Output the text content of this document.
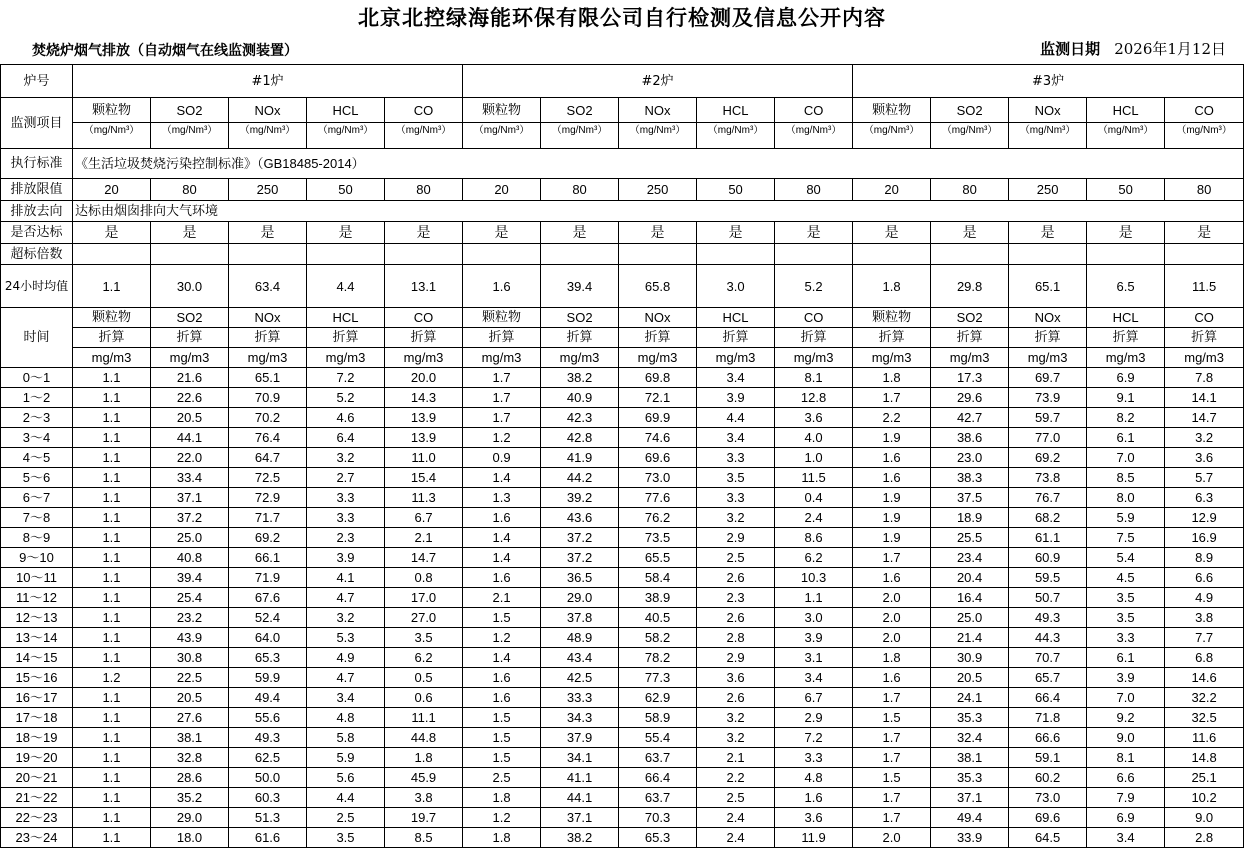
北京北控绿海能环保有限公司自行检测及信息公开内容
焚烧炉烟气排放（自动烟气在线监测装置）	监测日期 2026年1月12日
炉号	#1炉					#2炉					#3炉				
监测项目	颗粒物	SO2	NOx	HCL	CO	颗粒物	SO2	NOx	HCL	CO	颗粒物	SO2	NOx	HCL	CO
	（mg/Nm³）	（mg/Nm³）	（mg/Nm³）	（mg/Nm³）	（mg/Nm³）	（mg/Nm³）	（mg/Nm³）	（mg/Nm³）	（mg/Nm³）	（mg/Nm³）	（mg/Nm³）	（mg/Nm³）	（mg/Nm³）	（mg/Nm³）	（mg/Nm³）
执行标准	《生活垃圾焚烧污染控制标准》（GB18485-2014）														
排放限值	20	80	250	50	80	20	80	250	50	80	20	80	250	50	80
排放去向	达标由烟囱排向大气环境														
是否达标	是	是	是	是	是	是	是	是	是	是	是	是	是	是	是
超标倍数															
24小时均值	1.1	30.0	63.4	4.4	13.1	1.6	39.4	65.8	3.0	5.2	1.8	29.8	65.1	6.5	11.5
时间	颗粒物	SO2	NOx	HCL	CO	颗粒物	SO2	NOx	HCL	CO	颗粒物	SO2	NOx	HCL	CO
	折算	折算	折算	折算	折算	折算	折算	折算	折算	折算	折算	折算	折算	折算	折算
	mg/m3	mg/m3	mg/m3	mg/m3	mg/m3	mg/m3	mg/m3	mg/m3	mg/m3	mg/m3	mg/m3	mg/m3	mg/m3	mg/m3	mg/m3
0～1	1.1	21.6	65.1	7.2	20.0	1.7	38.2	69.8	3.4	8.1	1.8	17.3	69.7	6.9	7.8
1～2	1.1	22.6	70.9	5.2	14.3	1.7	40.9	72.1	3.9	12.8	1.7	29.6	73.9	9.1	14.1
2～3	1.1	20.5	70.2	4.6	13.9	1.7	42.3	69.9	4.4	3.6	2.2	42.7	59.7	8.2	14.7
3～4	1.1	44.1	76.4	6.4	13.9	1.2	42.8	74.6	3.4	4.0	1.9	38.6	77.0	6.1	3.2
4～5	1.1	22.0	64.7	3.2	11.0	0.9	41.9	69.6	3.3	1.0	1.6	23.0	69.2	7.0	3.6
5～6	1.1	33.4	72.5	2.7	15.4	1.4	44.2	73.0	3.5	11.5	1.6	38.3	73.8	8.5	5.7
6～7	1.1	37.1	72.9	3.3	11.3	1.3	39.2	77.6	3.3	0.4	1.9	37.5	76.7	8.0	6.3
7～8	1.1	37.2	71.7	3.3	6.7	1.6	43.6	76.2	3.2	2.4	1.9	18.9	68.2	5.9	12.9
8～9	1.1	25.0	69.2	2.3	2.1	1.4	37.2	73.5	2.9	8.6	1.9	25.5	61.1	7.5	16.9
9～10	1.1	40.8	66.1	3.9	14.7	1.4	37.2	65.5	2.5	6.2	1.7	23.4	60.9	5.4	8.9
10～11	1.1	39.4	71.9	4.1	0.8	1.6	36.5	58.4	2.6	10.3	1.6	20.4	59.5	4.5	6.6
11～12	1.1	25.4	67.6	4.7	17.0	2.1	29.0	38.9	2.3	1.1	2.0	16.4	50.7	3.5	4.9
12～13	1.1	23.2	52.4	3.2	27.0	1.5	37.8	40.5	2.6	3.0	2.0	25.0	49.3	3.5	3.8
13～14	1.1	43.9	64.0	5.3	3.5	1.2	48.9	58.2	2.8	3.9	2.0	21.4	44.3	3.3	7.7
14～15	1.1	30.8	65.3	4.9	6.2	1.4	43.4	78.2	2.9	3.1	1.8	30.9	70.7	6.1	6.8
15～16	1.2	22.5	59.9	4.7	0.5	1.6	42.5	77.3	3.6	3.4	1.6	20.5	65.7	3.9	14.6
16～17	1.1	20.5	49.4	3.4	0.6	1.6	33.3	62.9	2.6	6.7	1.7	24.1	66.4	7.0	32.2
17～18	1.1	27.6	55.6	4.8	11.1	1.5	34.3	58.9	3.2	2.9	1.5	35.3	71.8	9.2	32.5
18～19	1.1	38.1	49.3	5.8	44.8	1.5	37.9	55.4	3.2	7.2	1.7	32.4	66.6	9.0	11.6
19～20	1.1	32.8	62.5	5.9	1.8	1.5	34.1	63.7	2.1	3.3	1.7	38.1	59.1	8.1	14.8
20～21	1.1	28.6	50.0	5.6	45.9	2.5	41.1	66.4	2.2	4.8	1.5	35.3	60.2	6.6	25.1
21～22	1.1	35.2	60.3	4.4	3.8	1.8	44.1	63.7	2.5	1.6	1.7	37.1	73.0	7.9	10.2
22～23	1.1	29.0	51.3	2.5	19.7	1.2	37.1	70.3	2.4	3.6	1.7	49.4	69.6	6.9	9.0
23～24	1.1	18.0	61.6	3.5	8.5	1.8	38.2	65.3	2.4	11.9	2.0	33.9	64.5	3.4	2.8
